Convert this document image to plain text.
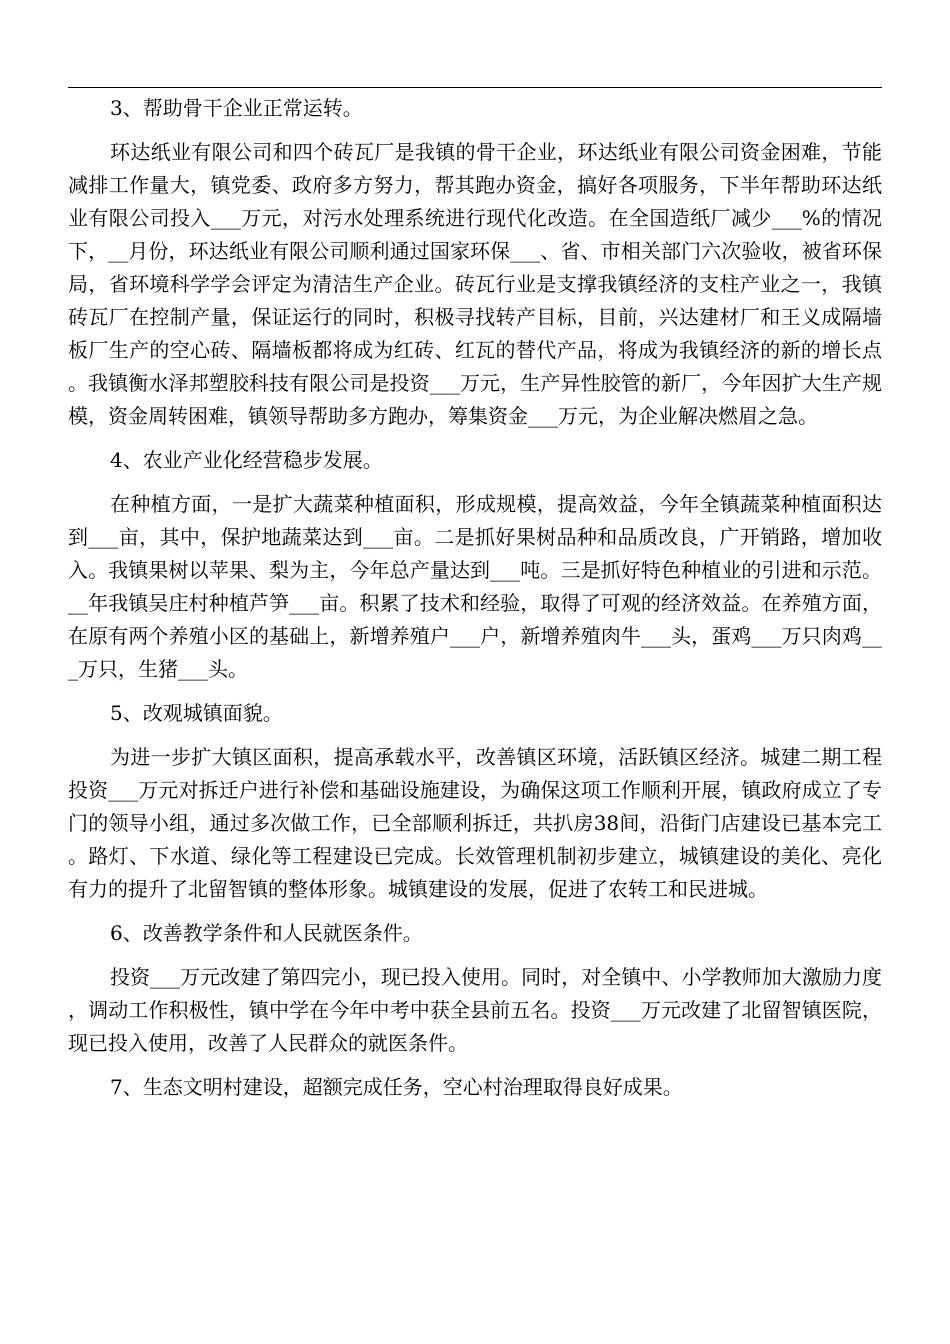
3、帮助骨干企业正常运转。

环达纸业有限公司和四个砖瓦厂是我镇的骨干企业，环达纸业有限公司资金困难，节能减排工作量大，镇党委、政府多方努力，帮其跑办资金，搞好各项服务，下半年帮助环达纸业有限公司投入___万元，对污水处理系统进行现代化改造。在全国造纸厂减少___%的情况下，__月份，环达纸业有限公司顺利通过国家环保___、省、市相关部门六次验收，被省环保局，省环境科学学会评定为清洁生产企业。砖瓦行业是支撑我镇经济的支柱产业之一，我镇砖瓦厂在控制产量，保证运行的同时，积极寻找转产目标，目前，兴达建材厂和王义成隔墙板厂生产的空心砖、隔墙板都将成为红砖、红瓦的替代产品，将成为我镇经济的新的增长点。我镇衡水泽邦塑胶科技有限公司是投资___万元，生产异性胶管的新厂，今年因扩大生产规模，资金周转困难，镇领导帮助多方跑办，筹集资金___万元，为企业解决燃眉之急。

4、农业产业化经营稳步发展。

在种植方面，一是扩大蔬菜种植面积，形成规模，提高效益，今年全镇蔬菜种植面积达到___亩，其中，保护地蔬菜达到___亩。二是抓好果树品种和品质改良，广开销路，增加收入。我镇果树以苹果、梨为主，今年总产量达到___吨。三是抓好特色种植业的引进和示范。__年我镇吴庄村种植芦笋___亩。积累了技术和经验，取得了可观的经济效益。在养殖方面，在原有两个养殖小区的基础上，新增养殖户___户，新增养殖肉牛___头，蛋鸡___万只肉鸡___万只，生猪___头。

5、改观城镇面貌。

为进一步扩大镇区面积，提高承载水平，改善镇区环境，活跃镇区经济。城建二期工程投资___万元对拆迁户进行补偿和基础设施建设，为确保这项工作顺利开展，镇政府成立了专门的领导小组，通过多次做工作，已全部顺利拆迁，共扒房38间，沿街门店建设已基本完工。路灯、下水道、绿化等工程建设已完成。长效管理机制初步建立，城镇建设的美化、亮化有力的提升了北留智镇的整体形象。城镇建设的发展，促进了农转工和民进城。

6、改善教学条件和人民就医条件。

投资___万元改建了第四完小，现已投入使用。同时，对全镇中、小学教师加大激励力度，调动工作积极性，镇中学在今年中考中获全县前五名。投资___万元改建了北留智镇医院，现已投入使用，改善了人民群众的就医条件。

7、生态文明村建设，超额完成任务，空心村治理取得良好成果。
